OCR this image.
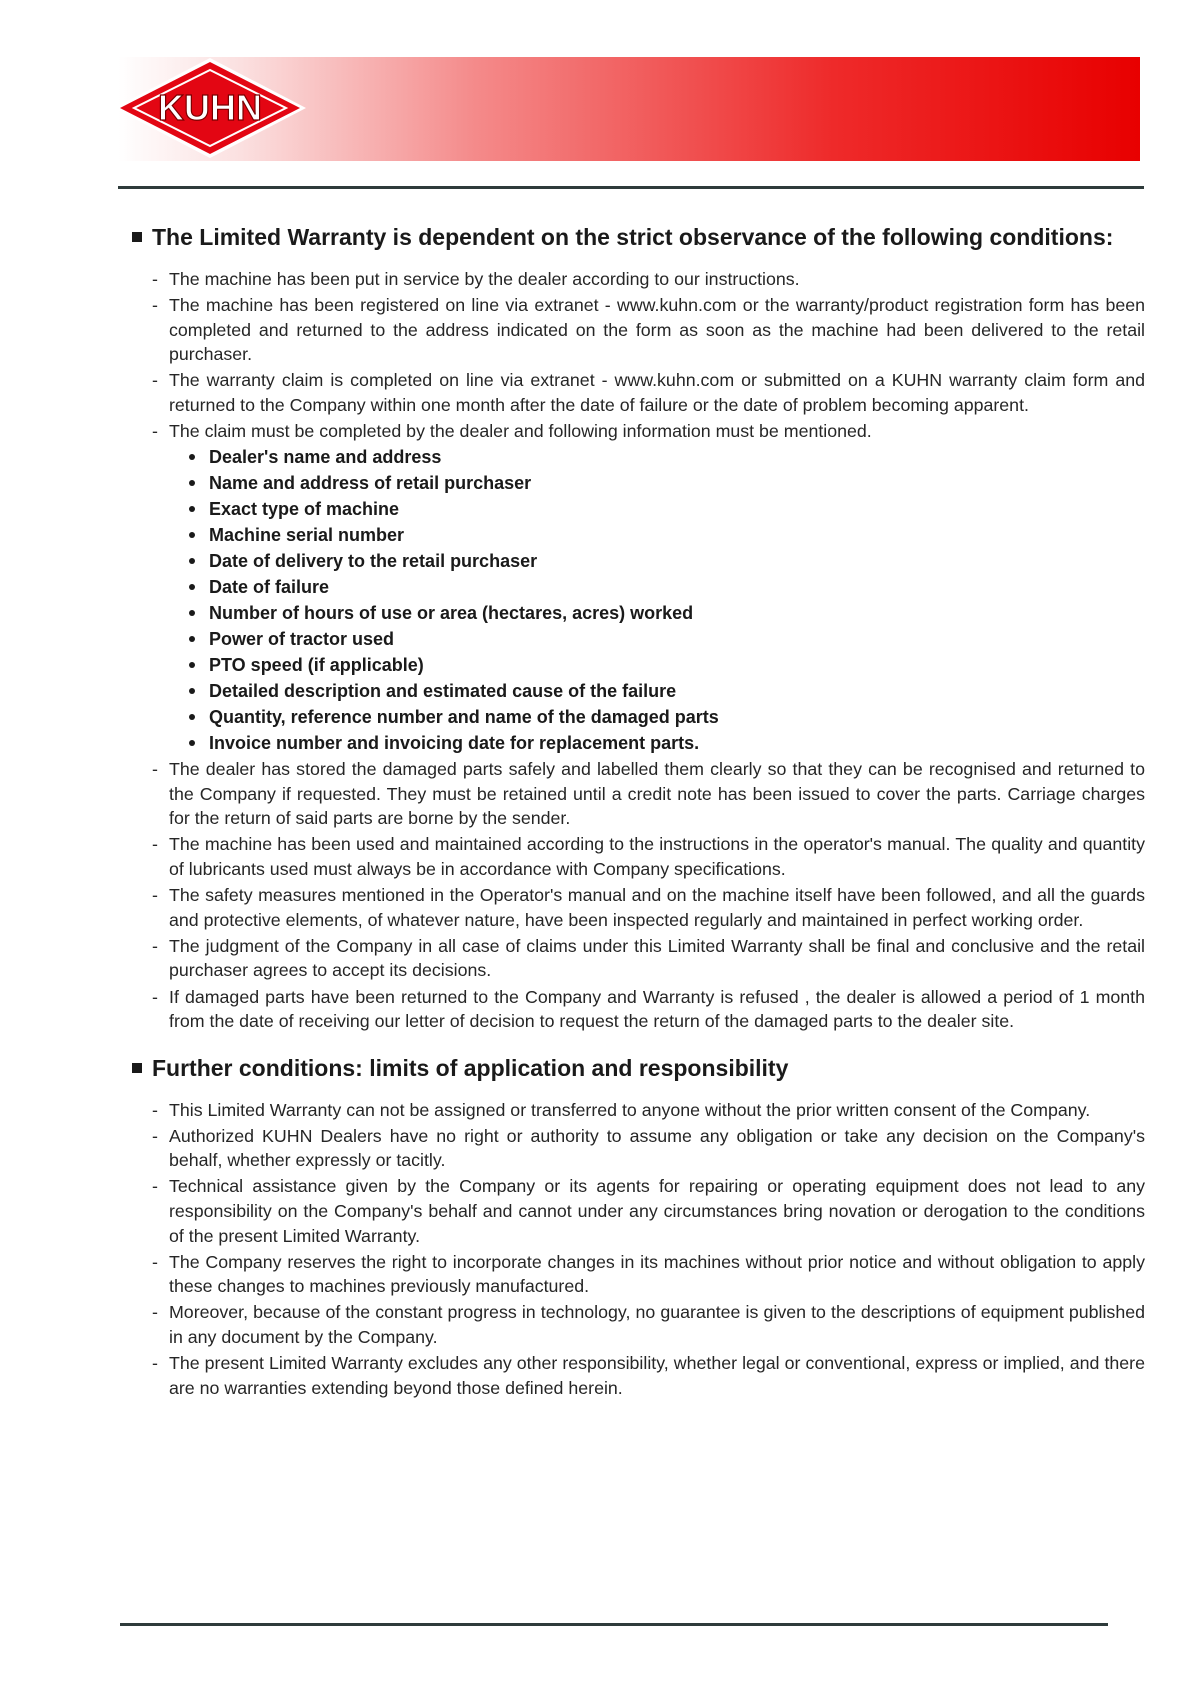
KUHN
The Limited Warranty is dependent on the strict observance of the following conditions:
- The machine has been put in service by the dealer according to our instructions.
- The machine has been registered on line via extranet - www.kuhn.com or the warranty/product registration form has been completed and returned to the address indicated on the form as soon as the machine had been delivered to the retail purchaser.
- The warranty claim is completed on line via extranet - www.kuhn.com or submitted on a KUHN warranty claim form and returned to the Company within one month after the date of failure or the date of problem becoming apparent.
- The claim must be completed by the dealer and following information must be mentioned.
Dealer's name and address
Name and address of retail purchaser
Exact type of machine
Machine serial number
Date of delivery to the retail purchaser
Date of failure
Number of hours of use or area (hectares, acres) worked
Power of tractor used
PTO speed (if applicable)
Detailed description and estimated cause of the failure
Quantity, reference number and name of the damaged parts
Invoice number and invoicing date for replacement parts.
- The dealer has stored the damaged parts safely and labelled them clearly so that they can be recognised and returned to the Company if requested. They must be retained until a credit note has been issued to cover the parts. Carriage charges for the return of said parts are borne by the sender.
- The machine has been used and maintained according to the instructions in the operator's manual. The quality and quantity of lubricants used must always be in accordance with Company specifications.
- The safety measures mentioned in the Operator's manual and on the machine itself have been followed, and all the guards and protective elements, of whatever nature, have been inspected regularly and maintained in perfect working order.
- The judgment of the Company in all case of claims under this Limited Warranty shall be final and conclusive and the retail purchaser agrees to accept its decisions.
- If damaged parts have been returned to the Company and Warranty is refused , the dealer is allowed a period of 1 month from the date of receiving our letter of decision to request the return of the damaged parts to the dealer site.
Further conditions: limits of application and responsibility
- This Limited Warranty can not be assigned or transferred to anyone without the prior written consent of the Company.
- Authorized KUHN Dealers have no right or authority to assume any obligation or take any decision on the Company's behalf, whether expressly or tacitly.
- Technical assistance given by the Company or its agents for repairing or operating equipment does not lead to any responsibility on the Company's behalf and cannot under any circumstances bring novation or derogation to the conditions of the present Limited Warranty.
- The Company reserves the right to incorporate changes in its machines without prior notice and without obligation to apply these changes to machines previously manufactured.
- Moreover, because of the constant progress in technology, no guarantee is given to the descriptions of equipment published in any document by the Company.
- The present Limited Warranty excludes any other responsibility, whether legal or conventional, express or implied, and there are no warranties extending beyond those defined herein.
